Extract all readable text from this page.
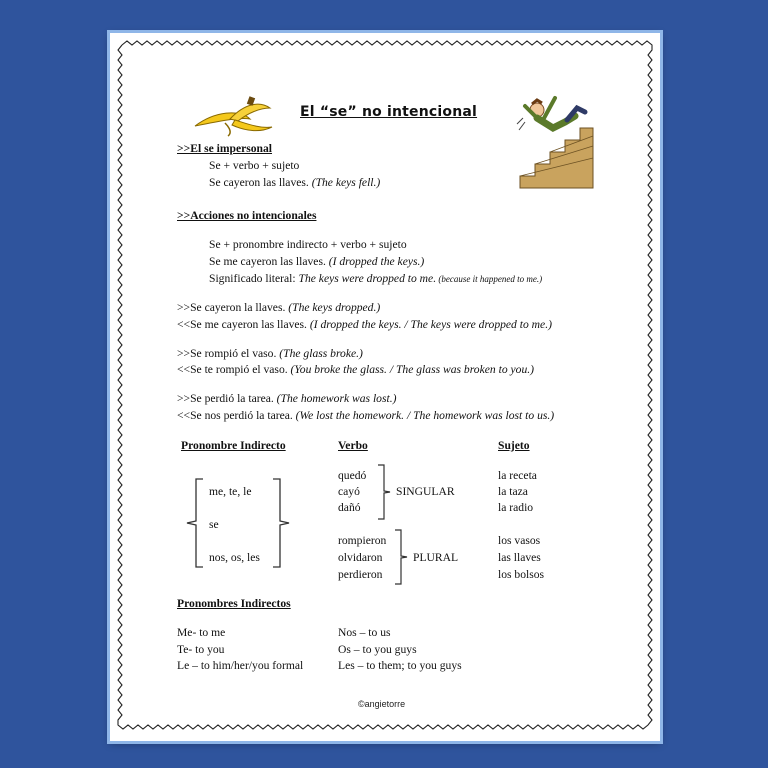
El “se” no intencional
>>El se impersonal
Se + verbo + sujeto
Se cayeron las llaves. (The keys fell.)
>>Acciones no intencionales
Se + pronombre indirecto + verbo + sujeto
Se me cayeron las llaves. (I dropped the keys.)
Significado literal: The keys were dropped to me. (because it happened to me.)
>>Se cayeron la llaves. (The keys dropped.)
<<Se me cayeron las llaves. (I dropped the keys. / The keys were dropped to me.)
>>Se rompió el vaso. (The glass broke.)
<<Se te rompió el vaso. (You broke the glass. / The glass was broken to you.)
>>Se perdió la tarea. (The homework was lost.)
<<Se nos perdió la tarea. (We lost the homework. / The homework was lost to us.)
Pronombre Indirecto	Verbo	Sujeto
me, te, le
se
nos, os, les
quedó
cayó
dañó
SINGULAR
la receta
la taza
la radio
rompieron
olvidaron
perdieron
PLURAL
los vasos
las llaves
los bolsos
Pronombres Indirectos
Me- to me
Te- to you
Le – to him/her/you formal
Nos – to us
Os – to you guys
Les – to them; to you guys
©angietorre
